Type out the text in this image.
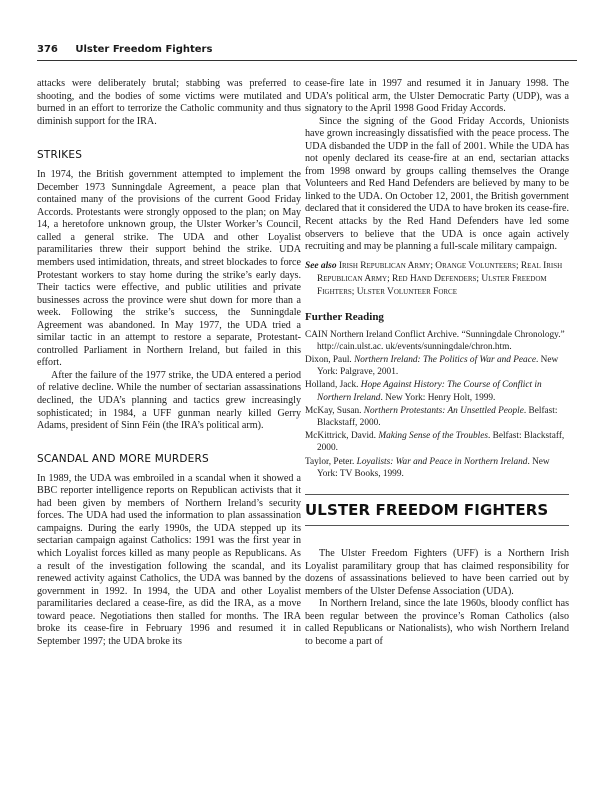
376 Ulster Freedom Fighters

attacks were deliberately brutal; stabbing was preferred to shooting, and the bodies of some victims were mutilated and burned in an effort to terrorize the Catholic community and thus diminish support for the IRA.

STRIKES

In 1974, the British government attempted to implement the December 1973 Sunningdale Agreement, a peace plan that contained many of the provisions of the current Good Friday Accords. Protestants were strongly opposed to the plan; on May 14, a heretofore unknown group, the Ulster Worker’s Council, called a general strike. The UDA and other Loyalist paramilitaries threw their support behind the strike. UDA members used intimidation, threats, and street blockades to force Protestant workers to stay home during the strike’s early days. Their tactics were effective, and public utilities and private businesses across the province were shut down for more than a week. Following the strike’s success, the Sunningdale Agreement was abandoned. In May 1977, the UDA tried a similar tactic in an attempt to restore a separate, Protestant-controlled Parliament in Northern Ireland, but failed in this effort.

After the failure of the 1977 strike, the UDA entered a period of relative decline. While the number of sectarian assassinations declined, the UDA’s planning and tactics grew increasingly sophisticated; in 1984, a UFF gunman nearly killed Gerry Adams, president of Sinn Féin (the IRA’s political arm).

SCANDAL AND MORE MURDERS

In 1989, the UDA was embroiled in a scandal when it showed a BBC reporter intelligence reports on Republican activists that it had been given by members of Northern Ireland’s security forces. The UDA had used the information to plan assassination campaigns. During the early 1990s, the UDA stepped up its sectarian campaign against Catholics: 1991 was the first year in which Loyalist forces killed as many people as Republicans. As a result of the investigation following the scandal, and its renewed activity against Catholics, the UDA was banned by the government in 1992. In 1994, the UDA and other Loyalist paramilitaries declared a cease-fire, as did the IRA, as a move toward peace. Negotiations then stalled for months. The IRA broke its cease-fire in February 1996 and resumed it in September 1997; the UDA broke its

cease-fire late in 1997 and resumed it in January 1998. The UDA’s political arm, the Ulster Democratic Party (UDP), was a signatory to the April 1998 Good Friday Accords.

Since the signing of the Good Friday Accords, Unionists have grown increasingly dissatisfied with the peace process. The UDA disbanded the UDP in the fall of 2001. While the UDA has not openly declared its cease-fire at an end, sectarian attacks from 1998 onward by groups calling themselves the Orange Volunteers and Red Hand Defenders are believed by many to be linked to the UDA. On October 12, 2001, the British government declared that it considered the UDA to have broken its cease-fire. Recent attacks by the Red Hand Defenders have led some observers to believe that the UDA is once again actively recruiting and may be planning a full-scale military campaign.

See also Irish Republican Army; Orange Volunteers; Real Irish Republican Army; Red Hand Defenders; Ulster Freedom Fighters; Ulster Volunteer Force
Further Reading
CAIN Northern Ireland Conflict Archive. “Sunningdale Chronology.” http://cain.ulst.ac. uk/events/sunningdale/chron.htm.
Dixon, Paul. Northern Ireland: The Politics of War and Peace. New York: Palgrave, 2001.
Holland, Jack. Hope Against History: The Course of Conflict in Northern Ireland. New York: Henry Holt, 1999.
McKay, Susan. Northern Protestants: An Unsettled People. Belfast: Blackstaff, 2000.
McKittrick, David. Making Sense of the Troubles. Belfast: Blackstaff, 2000.
Taylor, Peter. Loyalists: War and Peace in Northern Ireland. New York: TV Books, 1999.
ULSTER FREEDOM FIGHTERS

The Ulster Freedom Fighters (UFF) is a Northern Irish Loyalist paramilitary group that has claimed responsibility for dozens of assassinations believed to have been carried out by members of the Ulster Defense Association (UDA).

In Northern Ireland, since the late 1960s, bloody conflict has been regular between the province’s Roman Catholics (also called Republicans or Nationalists), who wish Northern Ireland to become a part of
